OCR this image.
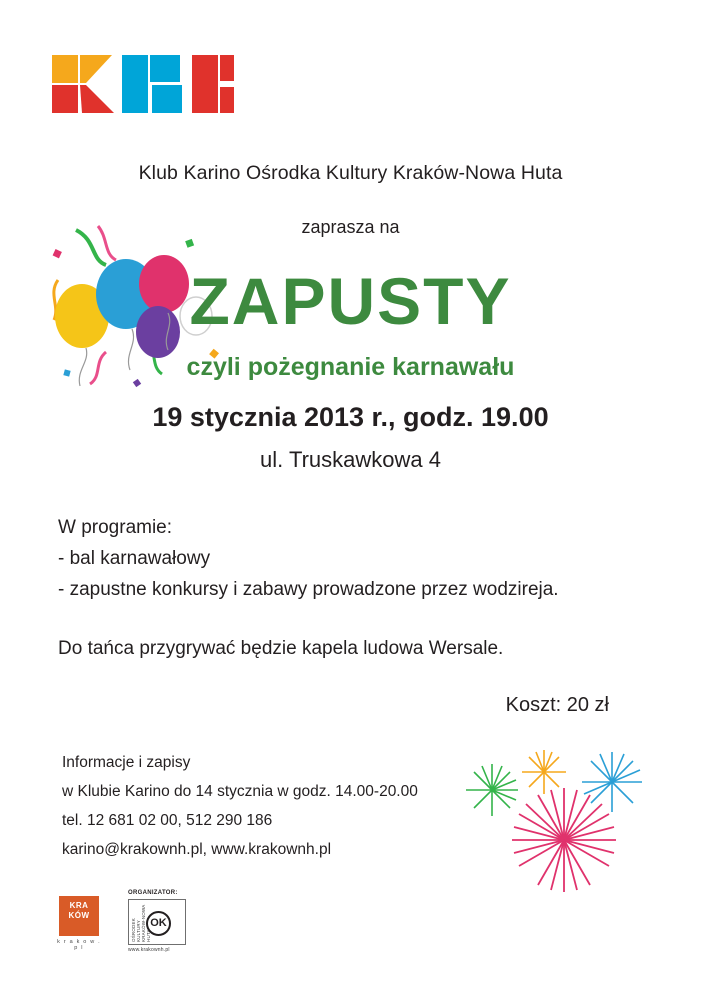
Klub Karino Ośrodka Kultury Kraków-Nowa Huta
zaprasza na
ZAPUSTY
czyli pożegnanie karnawału
19 stycznia 2013 r., godz. 19.00
ul. Truskawkowa 4
W programie:
- bal karnawałowy
- zapustne konkursy i zabawy prowadzone przez wodzireja.
Do tańca przygrywać będzie kapela ludowa Wersale.
Koszt: 20 zł
Informacje i zapisy
w Klubie Karino do 14 stycznia w godz. 14.00-20.00
tel. 12 681 02 00, 512 290 186
karino@krakownh.pl, www.krakownh.pl
KRA KÓW
k r a k o w . p l
ORGANIZATOR:
OŚRODEK KULTURY KRAKÓW-NOWA HUTA
OK
www.krakownh.pl
